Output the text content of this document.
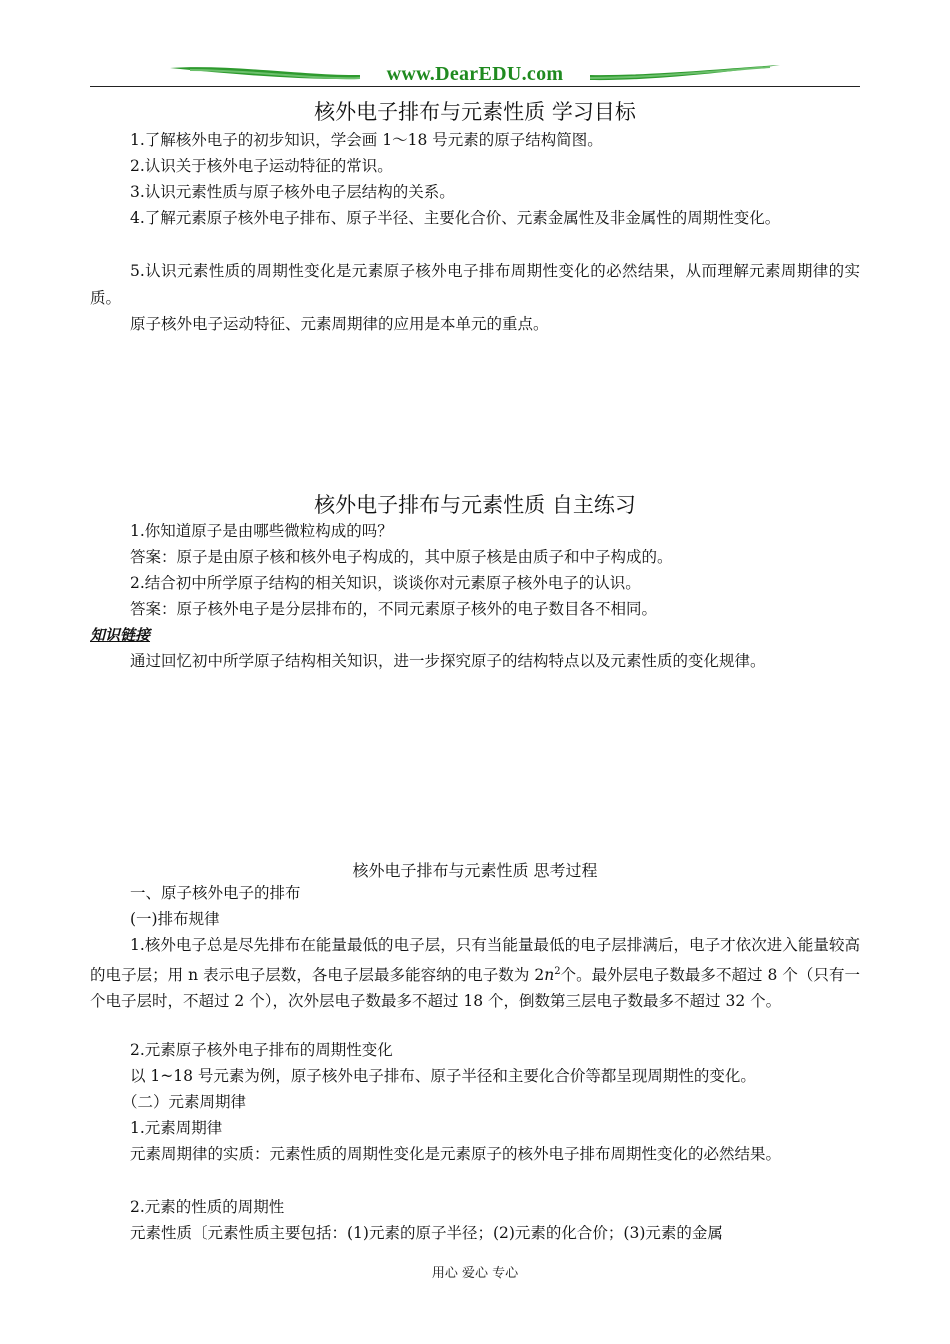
www.DearEDU.com
核外电子排布与元素性质 学习目标
1.了解核外电子的初步知识，学会画 1～18 号元素的原子结构简图。
2.认识关于核外电子运动特征的常识。
3.认识元素性质与原子核外电子层结构的关系。
4.了解元素原子核外电子排布、原子半径、主要化合价、元素金属性及非金属性的周期性变化。
5.认识元素性质的周期性变化是元素原子核外电子排布周期性变化的必然结果，从而理解元素周期律的实质。
原子核外电子运动特征、元素周期律的应用是本单元的重点。
核外电子排布与元素性质 自主练习
1.你知道原子是由哪些微粒构成的吗？
答案：原子是由原子核和核外电子构成的，其中原子核是由质子和中子构成的。
2.结合初中所学原子结构的相关知识，谈谈你对元素原子核外电子的认识。
答案：原子核外电子是分层排布的，不同元素原子核外的电子数目各不相同。
知识链接
通过回忆初中所学原子结构相关知识，进一步探究原子的结构特点以及元素性质的变化规律。
核外电子排布与元素性质 思考过程
一、原子核外电子的排布
(一)排布规律
1.核外电子总是尽先排布在能量最低的电子层，只有当能量最低的电子层排满后，电子才依次进入能量较高的电子层；用 n 表示电子层数，各电子层最多能容纳的电子数为 $2n^2$个。最外层电子数最多不超过 8 个（只有一个电子层时，不超过 2 个），次外层电子数最多不超过 18 个，倒数第三层电子数最多不超过 32 个。
2.元素原子核外电子排布的周期性变化
以 1~18 号元素为例，原子核外电子排布、原子半径和主要化合价等都呈现周期性的变化。
（二）元素周期律
1.元素周期律
元素周期律的实质：元素性质的周期性变化是元素原子的核外电子排布周期性变化的必然结果。
2.元素的性质的周期性
元素性质〔元素性质主要包括：(1)元素的原子半径；(2)元素的化合价；(3)元素的金属
用心 爱心 专心
